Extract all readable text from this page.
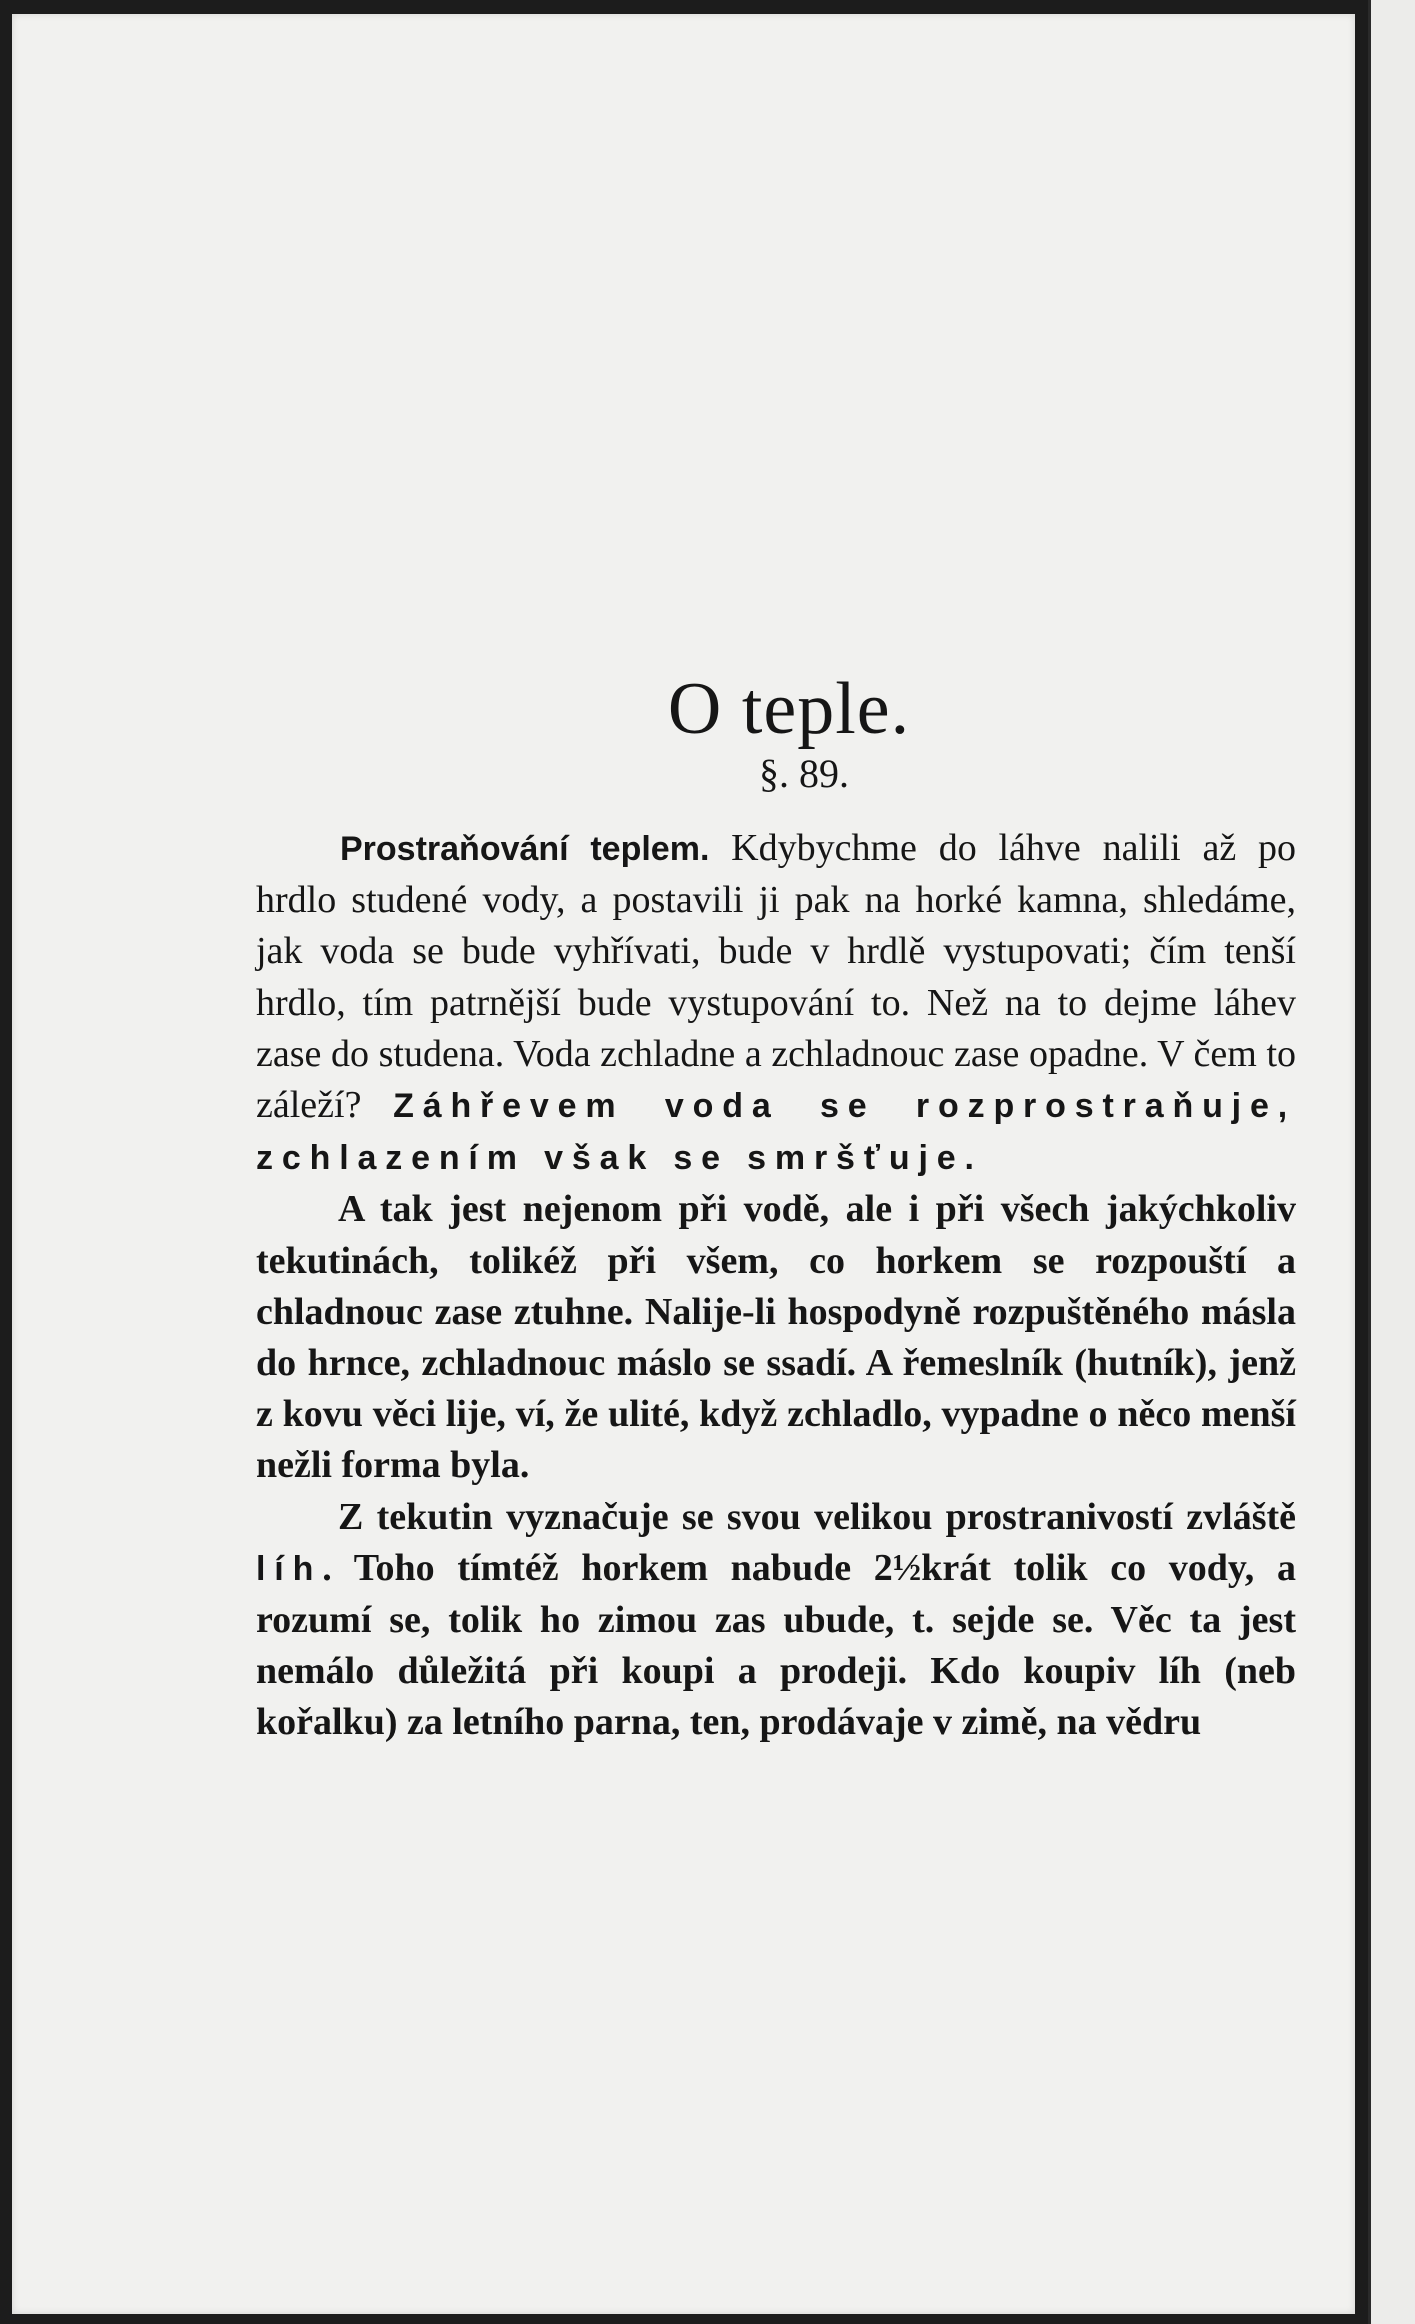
O teple.
§. 89.

Prostraňování teplem. Kdybychme do láhve nalili až po hrdlo studené vody, a postavili ji pak na horké kamna, shledáme, jak voda se bude vyhřívati, bude v hrdlě vystupovati; čím tenší hrdlo, tím patrnější bude vystupování to. Než na to dejme láhev zase do studena. Voda zchladne a zchladnouc zase opadne. V čem to záleží? Záhřevem voda se rozprostraňuje, zchlazením však se smršťuje.

A tak jest nejenom při vodě, ale i při všech jakýchkoliv tekutinách, tolikéž při všem, co horkem se rozpouští a chladnouc zase ztuhne. Nalije-li hospodyně rozpuštěného másla do hrnce, zchladnouc máslo se ssadí. A řemeslník (hutník), jenž z kovu věci lije, ví, že ulité, když zchladlo, vypadne o něco menší nežli forma byla.

Z tekutin vyznačuje se svou velikou prostranivostí zvláště líh. Toho tímtéž horkem nabude 2½krát tolik co vody, a rozumí se, tolik ho zimou zas ubude, t. sejde se. Věc ta jest nemálo důležitá při koupi a prodeji. Kdo koupiv líh (neb kořalku) za letního parna, ten, prodávaje v zimě, na vědru
